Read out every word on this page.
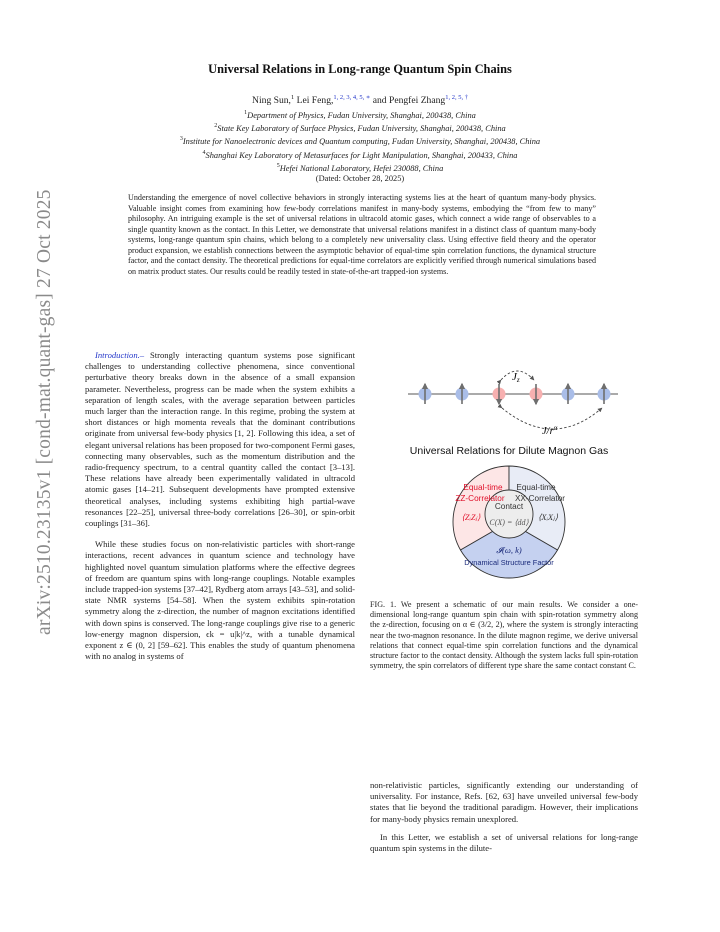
arXiv:2510.23135v1 [cond-mat.quant-gas] 27 Oct 2025
Universal Relations in Long-range Quantum Spin Chains
Ning Sun,$^1$ Lei Feng,$^{1, 2, 3, 4, 5, ∗}$ and Pengfei Zhang$^{1, 2, 5, \dagger}$
$^1$Department of Physics, Fudan University, Shanghai, 200438, China
$^2$State Key Laboratory of Surface Physics, Fudan University, Shanghai, 200438, China
$^3$Institute for Nanoelectronic devices and Quantum computing, Fudan University, Shanghai, 200438, China
$^4$Shanghai Key Laboratory of Metasurfaces for Light Manipulation, Shanghai, 200433, China
$^5$Hefei National Laboratory, Hefei 230088, China
(Dated: October 28, 2025)
Understanding the emergence of novel collective behaviors in strongly interacting systems lies at the heart of quantum many-body physics. Valuable insight comes from examining how few-body correlations manifest in many-body systems, embodying the “from few to many” philosophy. An intriguing example is the set of universal relations in ultracold atomic gases, which connect a wide range of observables to a single quantity known as the contact. In this Letter, we demonstrate that universal relations manifest in a distinct class of quantum many-body systems, long-range quantum spin chains, which belong to a completely new universality class. Using effective field theory and the operator product expansion, we establish connections between the asymptotic behavior of equal-time spin correlation functions, the dynamical structure factor, and the contact density. The theoretical predictions for equal-time correlators are explicitly verified through numerical simulations based on matrix product states. Our results could be readily tested in state-of-the-art trapped-ion systems.

Introduction.– Strongly interacting quantum systems pose significant challenges to understanding collective phenomena, since conventional perturbative theory breaks down in the absence of a small expansion parameter. Nevertheless, progress can be made when the system exhibits a separation of length scales, with the average separation between particles much larger than the interaction range. In this regime, probing the system at short distances or high momenta reveals that the dominant contributions originate from universal few-body physics [1, 2]. Following this idea, a set of elegant universal relations has been proposed for two-component Fermi gases, connecting many observables, such as the momentum distribution and the radio-frequency spectrum, to a central quantity called the contact [3–13]. These relations have already been experimentally validated in ultracold atomic gases [14–21]. Subsequent developments have prompted extensive theoretical analyses, including systems exhibiting high partial-wave resonances [22–25], universal three-body correlations [26–30], or spin-orbit couplings [31–36].

While these studies focus on non-relativistic particles with short-range interactions, recent advances in quantum science and technology have highlighted novel quantum simulation platforms where the effective degrees of freedom are quantum spins with long-range couplings. Notable examples include trapped-ion systems [37–42], Rydberg atom arrays [43–53], and solid-state NMR systems [54–58]. When the system exhibits spin-rotation symmetry along the z-direction, the number of magnon excitations identified with down spins is conserved. The long-range couplings give rise to a generic low-energy magnon dispersion, ϵk = u|k|^z, with a tunable dynamical exponent z ∈ (0, 2] [59–62]. This enables the study of quantum phenomena with no analog in systems of

Jz
$J/r^\alpha$
Universal Relations for Dilute Magnon Gas
Equal-time
ZZ-Correlator
⟨ZᵢZⱼ⟩
Equal-time
XX-Correlator
⟨XᵢXⱼ⟩
Contact
C(X) = ⟨dd⟩
𝓘(ω, k)
Dynamical Structure Factor
FIG. 1. We present a schematic of our main results. We consider a one-dimensional long-range quantum spin chain with spin-rotation symmetry along the z-direction, focusing on α ∈ (3/2, 2), where the system is strongly interacting near the two-magnon resonance. In the dilute magnon regime, we derive universal relations that connect equal-time spin correlation functions and the dynamical structure factor to the contact density. Although the system lacks full spin-rotation symmetry, the spin correlators of different type share the same contact constant C.

non-relativistic particles, significantly extending our understanding of universality. For instance, Refs. [62, 63] have unveiled universal few-body states that lie beyond the traditional paradigm. However, their implications for many-body physics remain unexplored.

In this Letter, we establish a set of universal relations for long-range quantum spin systems in the dilute-
